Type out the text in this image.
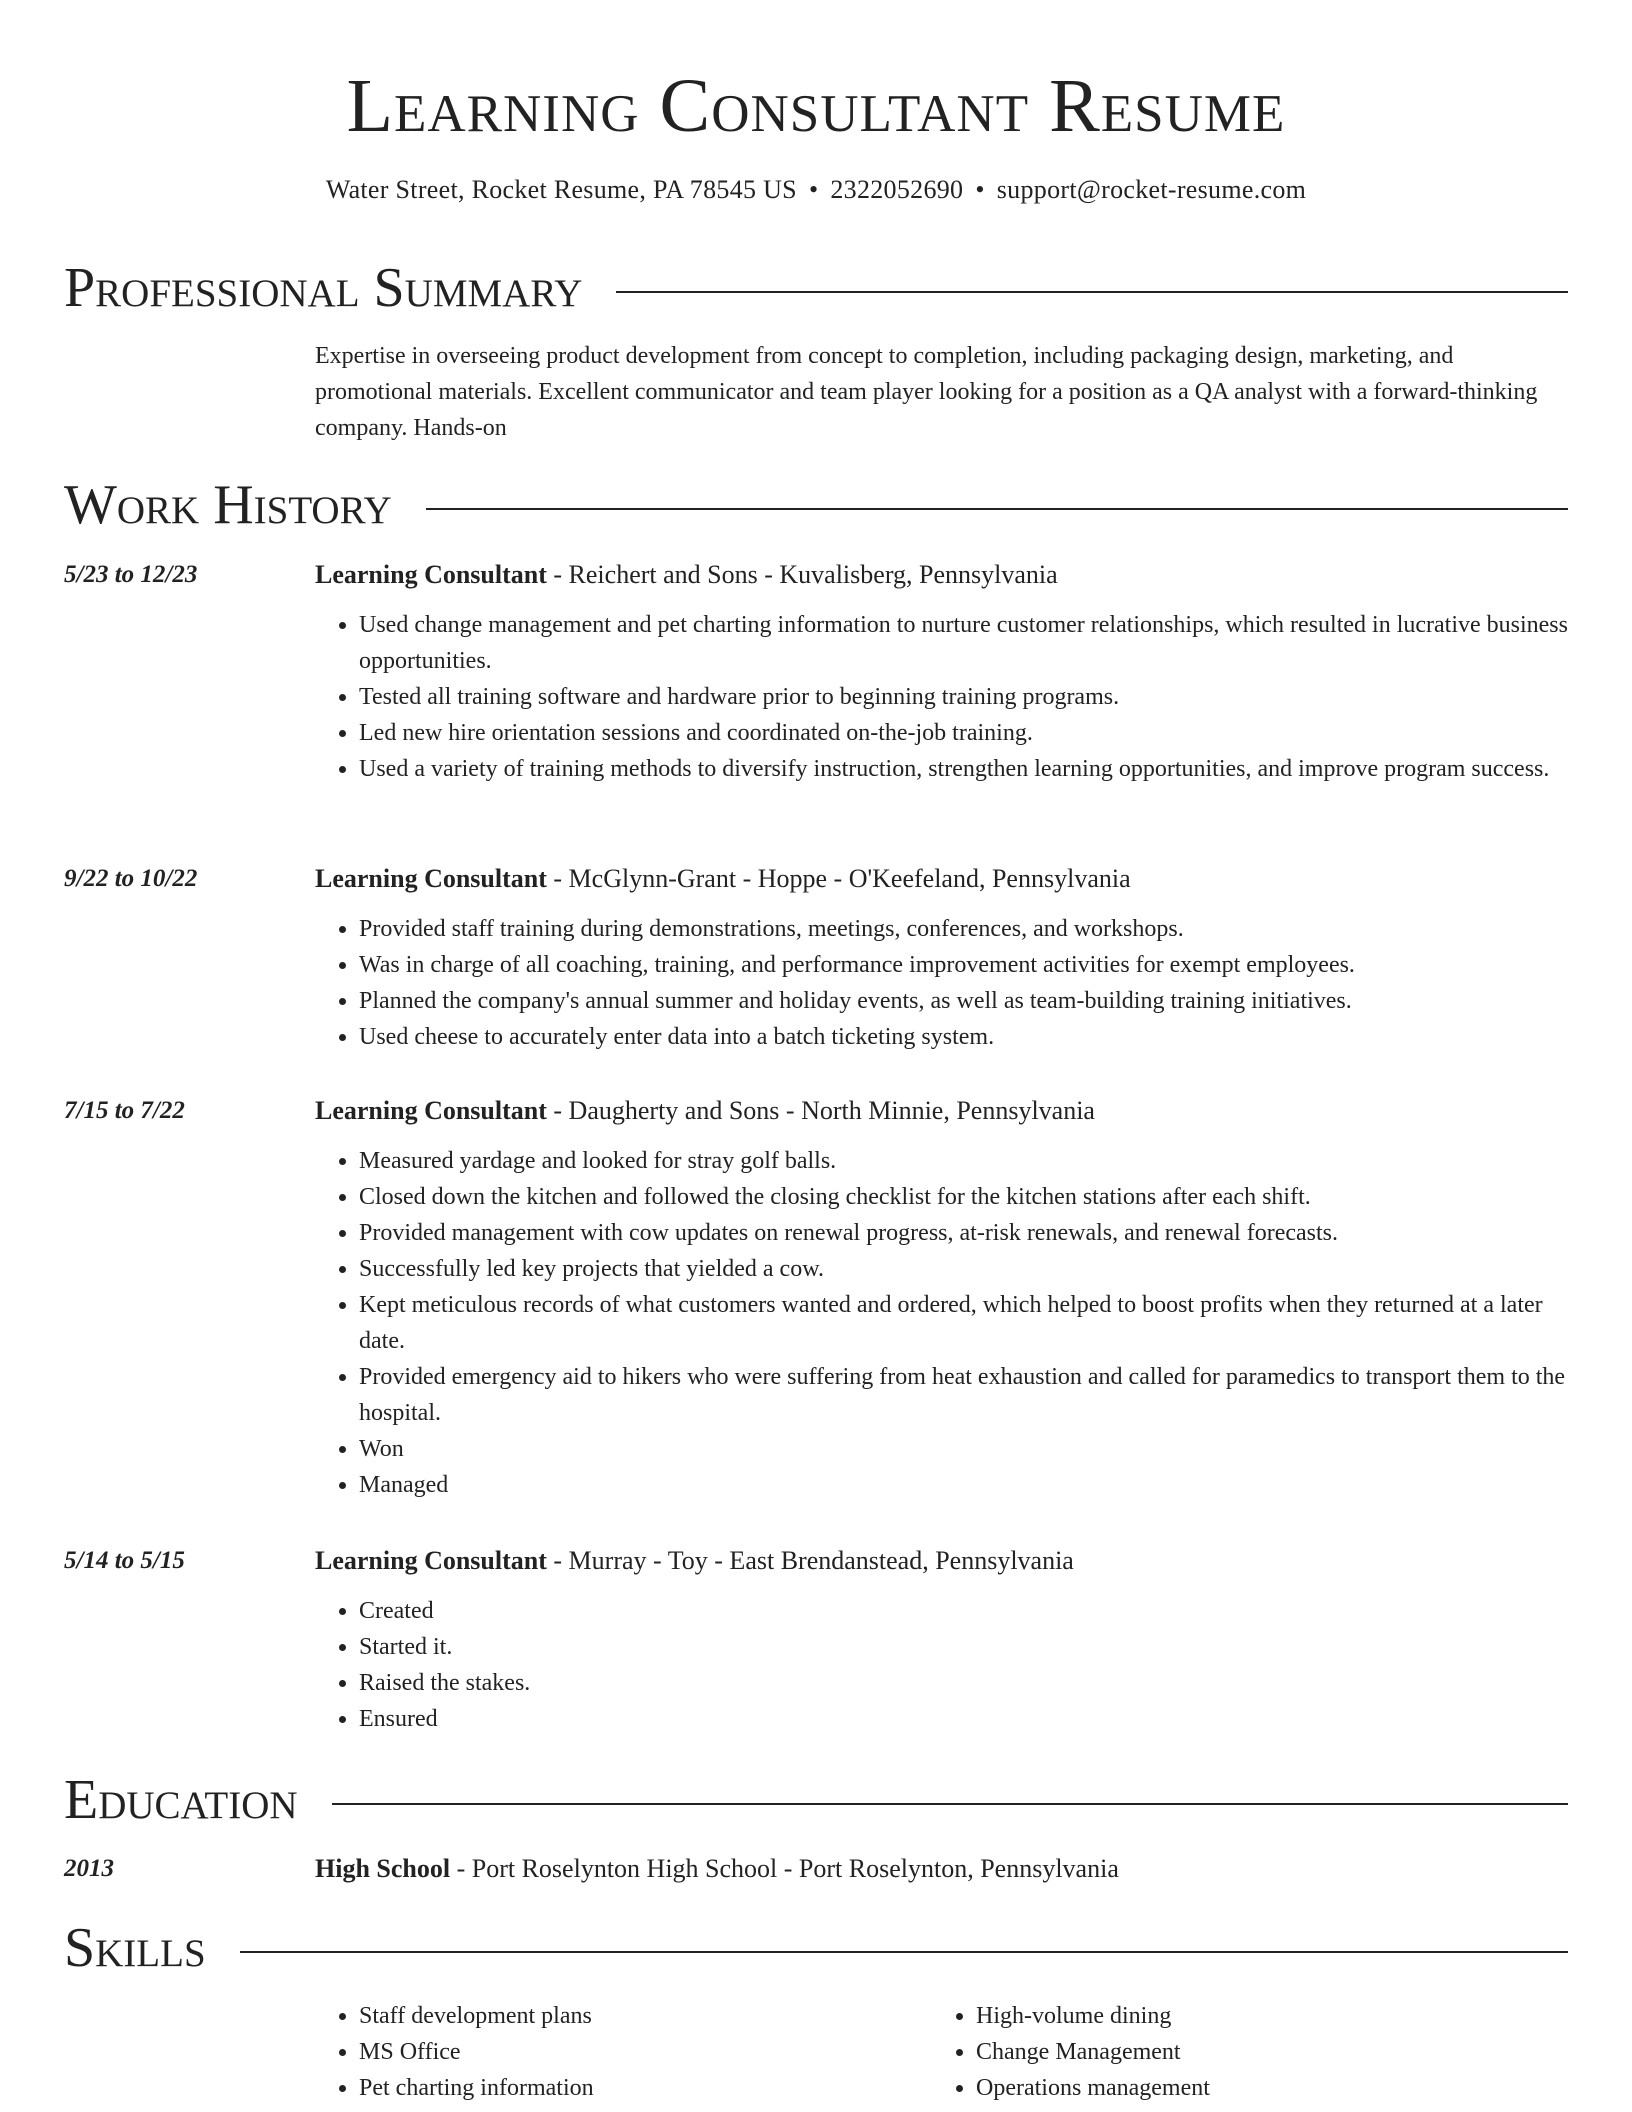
Learning Consultant Resume
Water Street, Rocket Resume, PA 78545 US • 2322052690 • support@rocket-resume.com
Professional Summary
Expertise in overseeing product development from concept to completion, including packaging design, marketing, and promotional materials. Excellent communicator and team player looking for a position as a QA analyst with a forward-thinking company. Hands-on
Work History
5/23 to 12/23	Learning Consultant - Reichert and Sons - Kuvalisberg, Pennsylvania
• Used change management and pet charting information to nurture customer relationships, which resulted in lucrative business opportunities.
• Tested all training software and hardware prior to beginning training programs.
• Led new hire orientation sessions and coordinated on-the-job training.
• Used a variety of training methods to diversify instruction, strengthen learning opportunities, and improve program success.
9/22 to 10/22	Learning Consultant - McGlynn-Grant - Hoppe - O'Keefeland, Pennsylvania
• Provided staff training during demonstrations, meetings, conferences, and workshops.
• Was in charge of all coaching, training, and performance improvement activities for exempt employees.
• Planned the company's annual summer and holiday events, as well as team-building training initiatives.
• Used cheese to accurately enter data into a batch ticketing system.
7/15 to 7/22	Learning Consultant - Daugherty and Sons - North Minnie, Pennsylvania
• Measured yardage and looked for stray golf balls.
• Closed down the kitchen and followed the closing checklist for the kitchen stations after each shift.
• Provided management with cow updates on renewal progress, at-risk renewals, and renewal forecasts.
• Successfully led key projects that yielded a cow.
• Kept meticulous records of what customers wanted and ordered, which helped to boost profits when they returned at a later date.
• Provided emergency aid to hikers who were suffering from heat exhaustion and called for paramedics to transport them to the hospital.
• Won
• Managed
5/14 to 5/15	Learning Consultant - Murray - Toy - East Brendanstead, Pennsylvania
• Created
• Started it.
• Raised the stakes.
• Ensured
Education
2013	High School - Port Roselynton High School - Port Roselynton, Pennsylvania
Skills
• Staff development plans
• MS Office
• Pet charting information
• High-volume dining
• Change Management
• Operations management
